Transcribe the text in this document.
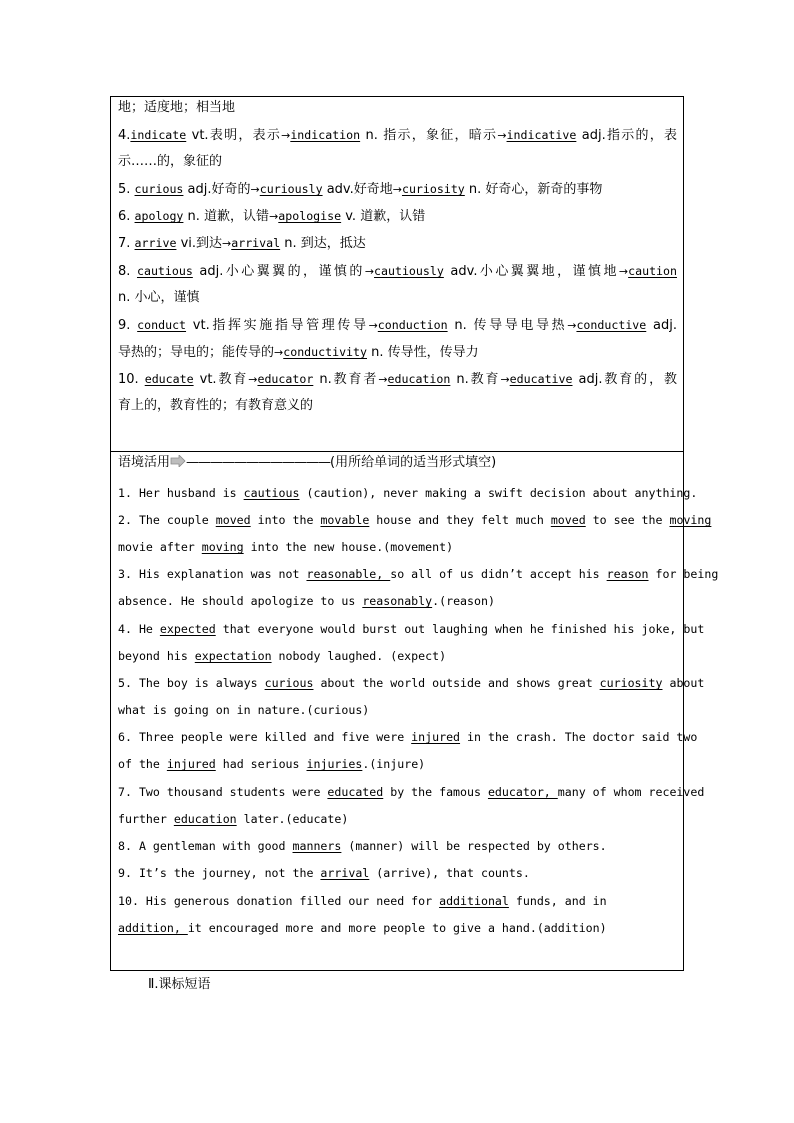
地；适度地；相当地
4.indicate vt.表明，表示→indication n. 指示，象征，暗示→indicative adj.指示的，表
示……的，象征的
5. curious adj.好奇的→curiously adv.好奇地→curiosity n. 好奇心，新奇的事物
6. apology n. 道歉，认错→apologise v. 道歉，认错
7. arrive vi.到达→arrival n. 到达，抵达
8. cautious adj.小心翼翼的，谨慎的→cautiously adv.小心翼翼地，谨慎地→caution
n. 小心，谨慎
9. conduct vt.指挥实施指导管理传导→conduction n. 传导导电导热→conductive adj.
导热的；导电的；能传导的→conductivity n. 传导性，传导力
10. educate vt.教育→educator n.教育者→education n.教育→educative adj.教育的，教
育上的，教育性的；有教育意义的
语境活用 ————————————(用所给单词的适当形式填空)
1. Her husband is cautious (caution), never making a swift decision about anything.
2. The couple moved into the movable house and they felt much moved to see the moving
movie after moving into the new house.(movement)
3. His explanation was not reasonable, so all of us didn’t accept his reason for being
absence. He should apologize to us reasonably.(reason)
4. He expected that everyone would burst out laughing when he finished his joke, but
beyond his expectation nobody laughed. (expect)
5. The boy is always curious about the world outside and shows great curiosity about
what is going on in nature.(curious)
6. Three people were killed and five were injured in the crash. The doctor said two
of the injured had serious injuries.(injure)
7. Two thousand students were educated by the famous educator, many of whom received
further education later.(educate)
8. A gentleman with good manners (manner) will be respected by others.
9. It’s the journey, not the arrival (arrive), that counts.
10. His generous donation filled our need for additional funds, and in
addition, it encouraged more and more people to give a hand.(addition)
Ⅱ.课标短语
